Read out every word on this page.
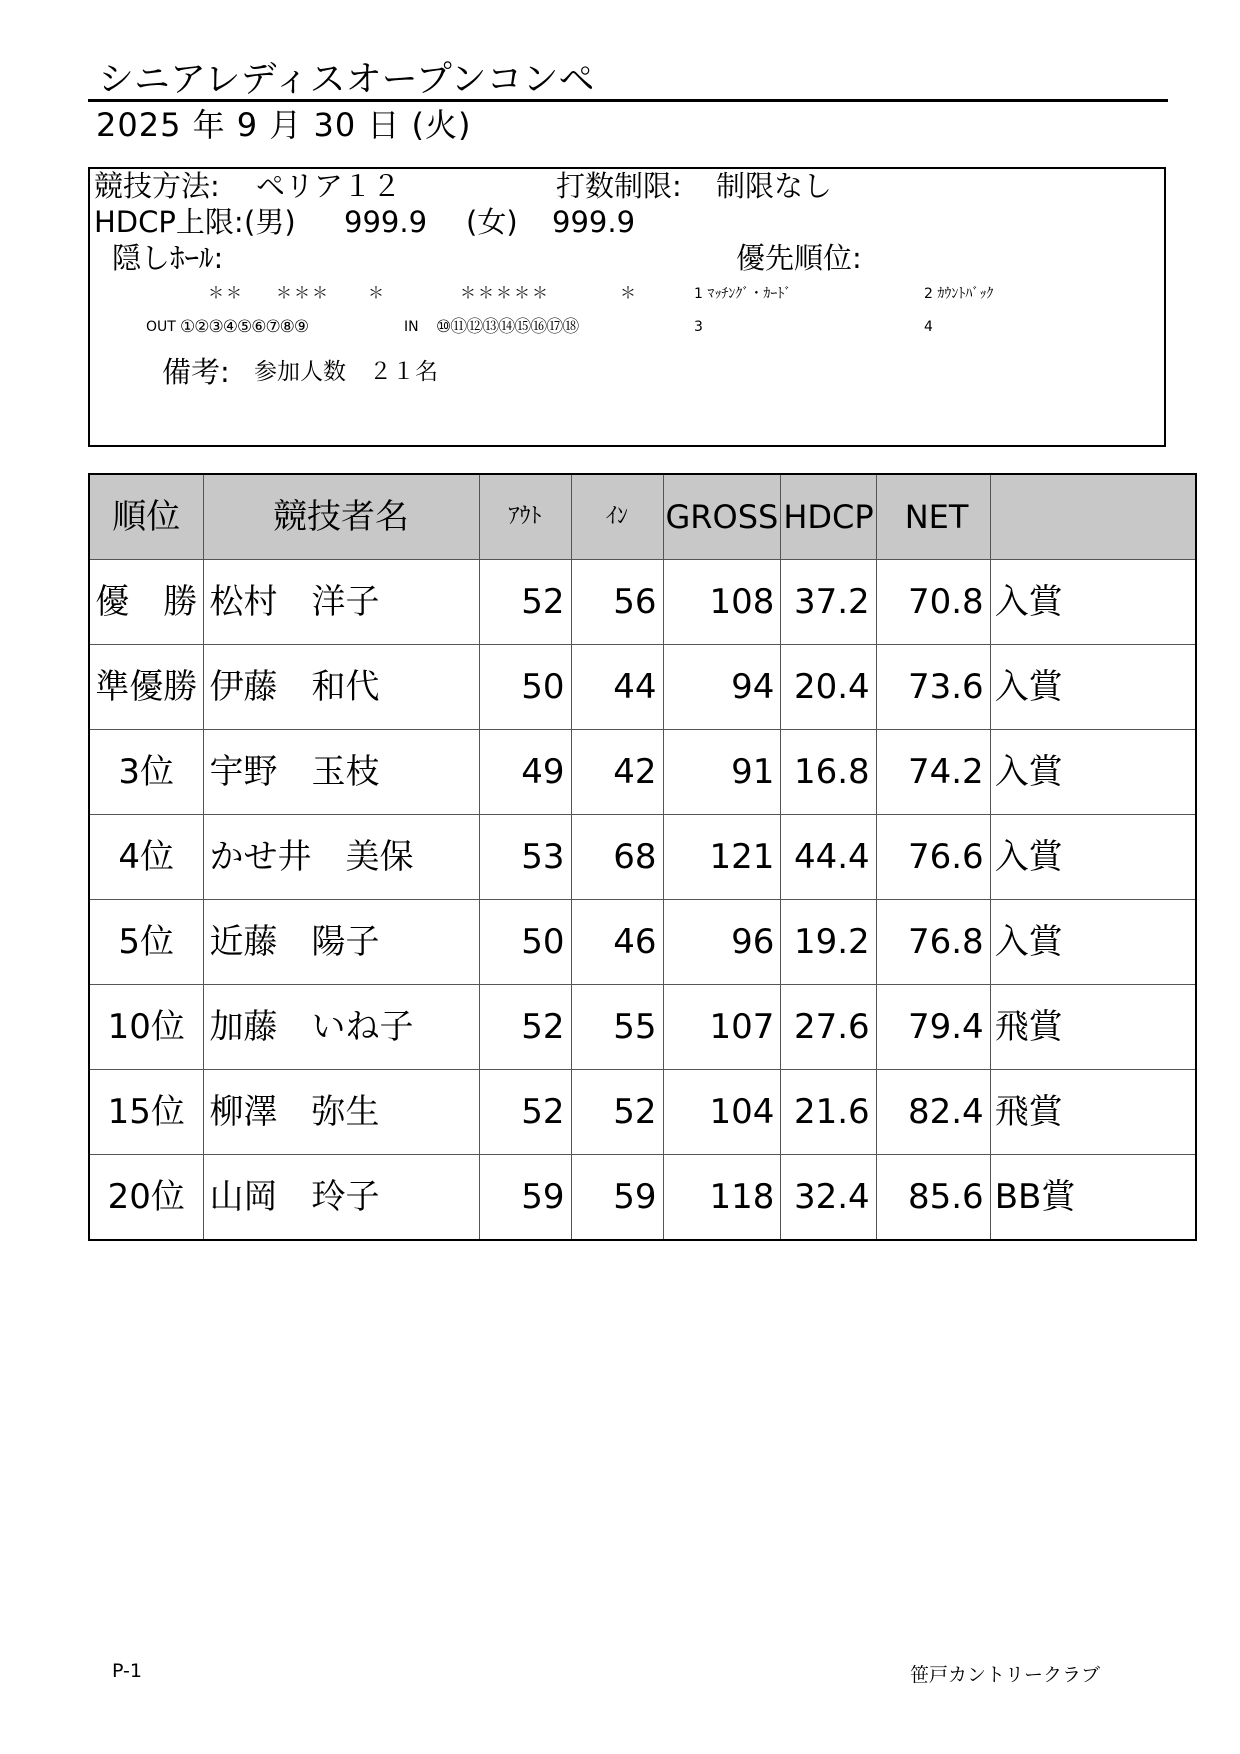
シニアレディスオープンコンペ
2025 年 9 月 30 日 (火)
競技方法: ペリア１２	打数制限: 制限なし
HDCP上限: (男) 999.9 (女) 999.9
隠しﾎｰﾙ:	優先順位:
＊＊ ＊＊＊ ＊	＊＊＊＊＊	＊	1 ﾏｯﾁﾝｸﾞ・ｶｰﾄﾞ	2 ｶｳﾝﾄﾊﾞｯｸ
OUT ①②③④⑤⑥⑦⑧⑨	IN ⑩⑪⑫⑬⑭⑮⑯⑰⑱	3	4
備考: 参加人数　２１名
順位	競技者名	ｱｳﾄ	ｲﾝ	GROSS	HDCP	NET	
優　勝	松村　洋子	52	56	108	37.2	70.8	入賞
準優勝	伊藤　和代	50	44	94	20.4	73.6	入賞
3位	宇野　玉枝	49	42	91	16.8	74.2	入賞
4位	かせ井　美保	53	68	121	44.4	76.6	入賞
5位	近藤　陽子	50	46	96	19.2	76.8	入賞
10位	加藤　いね子	52	55	107	27.6	79.4	飛賞
15位	柳澤　弥生	52	52	104	21.6	82.4	飛賞
20位	山岡　玲子	59	59	118	32.4	85.6	BB賞
P-1	笹戸カントリークラブ
